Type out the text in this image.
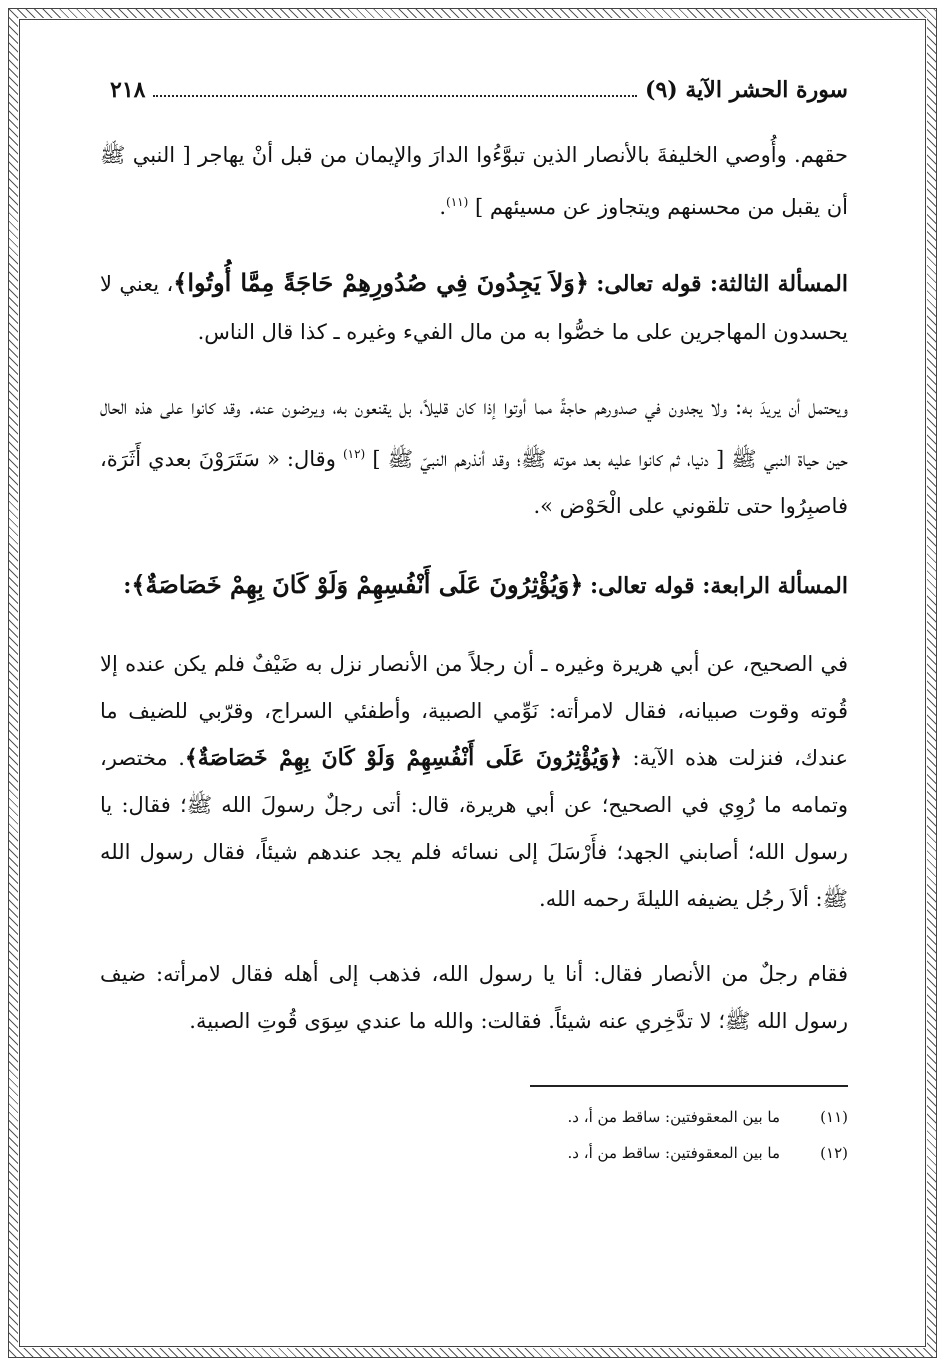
سورة الحشر الآية (٩)
٢١٨

حقهم. وأُوصي الخليفةَ بالأنصار الذين تبوَّءُوا الدارَ والإيمان من قبل أنْ يهاجر [ النبي ﷺ أن يقبل من محسنهم ويتجاوز عن مسيئهم ] $^{(١١)}$.

المسألة الثالثة: قوله تعالى: ﴿وَلاَ يَجِدُونَ فِي صُدُورِهِمْ حَاجَةً مِمَّا أُوتُوا﴾، يعني لا يحسدون المهاجرين على ما خصُّوا به من مال الفيء وغيره ـ كذا قال الناس.

ويحتمل أن يريدَ به: ولا يجدون في صدورهم حاجةً مما أوتوا إذا كان قليلاً، بل يقنعون به، ويرضون عنه. وقد كانوا على هذه الحال حين حياة النبي ﷺ [ دنيا، ثم كانوا عليه بعد موته ﷺ؛ وقد أنذرهم النبيّ ﷺ ] $^{(١٢)}$ وقال: « سَتَرَوْنَ بعدي أَثَرَة، فاصبِرُوا حتى تلقوني على الْحَوْض ».

المسألة الرابعة: قوله تعالى: ﴿وَيُؤْثِرُونَ عَلَى أَنْفُسِهِمْ وَلَوْ كَانَ بِهِمْ خَصَاصَةٌ﴾:

في الصحيح، عن أبي هريرة وغيره ـ أن رجلاً من الأنصار نزل به ضَيْفٌ فلم يكن عنده إلا قُوته وقوت صبيانه، فقال لامرأته: نَوِّمي الصبية، وأطفئي السراج، وقرّبي للضيف ما عندك، فنزلت هذه الآية: ﴿وَيُؤْثِرُونَ عَلَى أَنْفُسِهِمْ وَلَوْ كَانَ بِهِمْ خَصَاصَةٌ﴾. مختصر، وتمامه ما رُوِي في الصحيح؛ عن أبي هريرة، قال: أتى رجلٌ رسولَ الله ﷺ؛ فقال: يا رسول الله؛ أصابني الجهد؛ فأَرْسَلَ إلى نسائه فلم يجد عندهم شيئاً، فقال رسول الله ﷺ: ألاَ رجُل يضيفه الليلةَ رحمه الله.

فقام رجلٌ من الأنصار فقال: أنا يا رسول الله، فذهب إلى أهله فقال لامرأته: ضيف رسول الله ﷺ؛ لا تدَّخِري عنه شيئاً. فقالت: والله ما عندي سِوَى قُوتِ الصبية.

(١١)
ما بين المعقوفتين: ساقط من أ، د.
(١٢)
ما بين المعقوفتين: ساقط من أ، د.
